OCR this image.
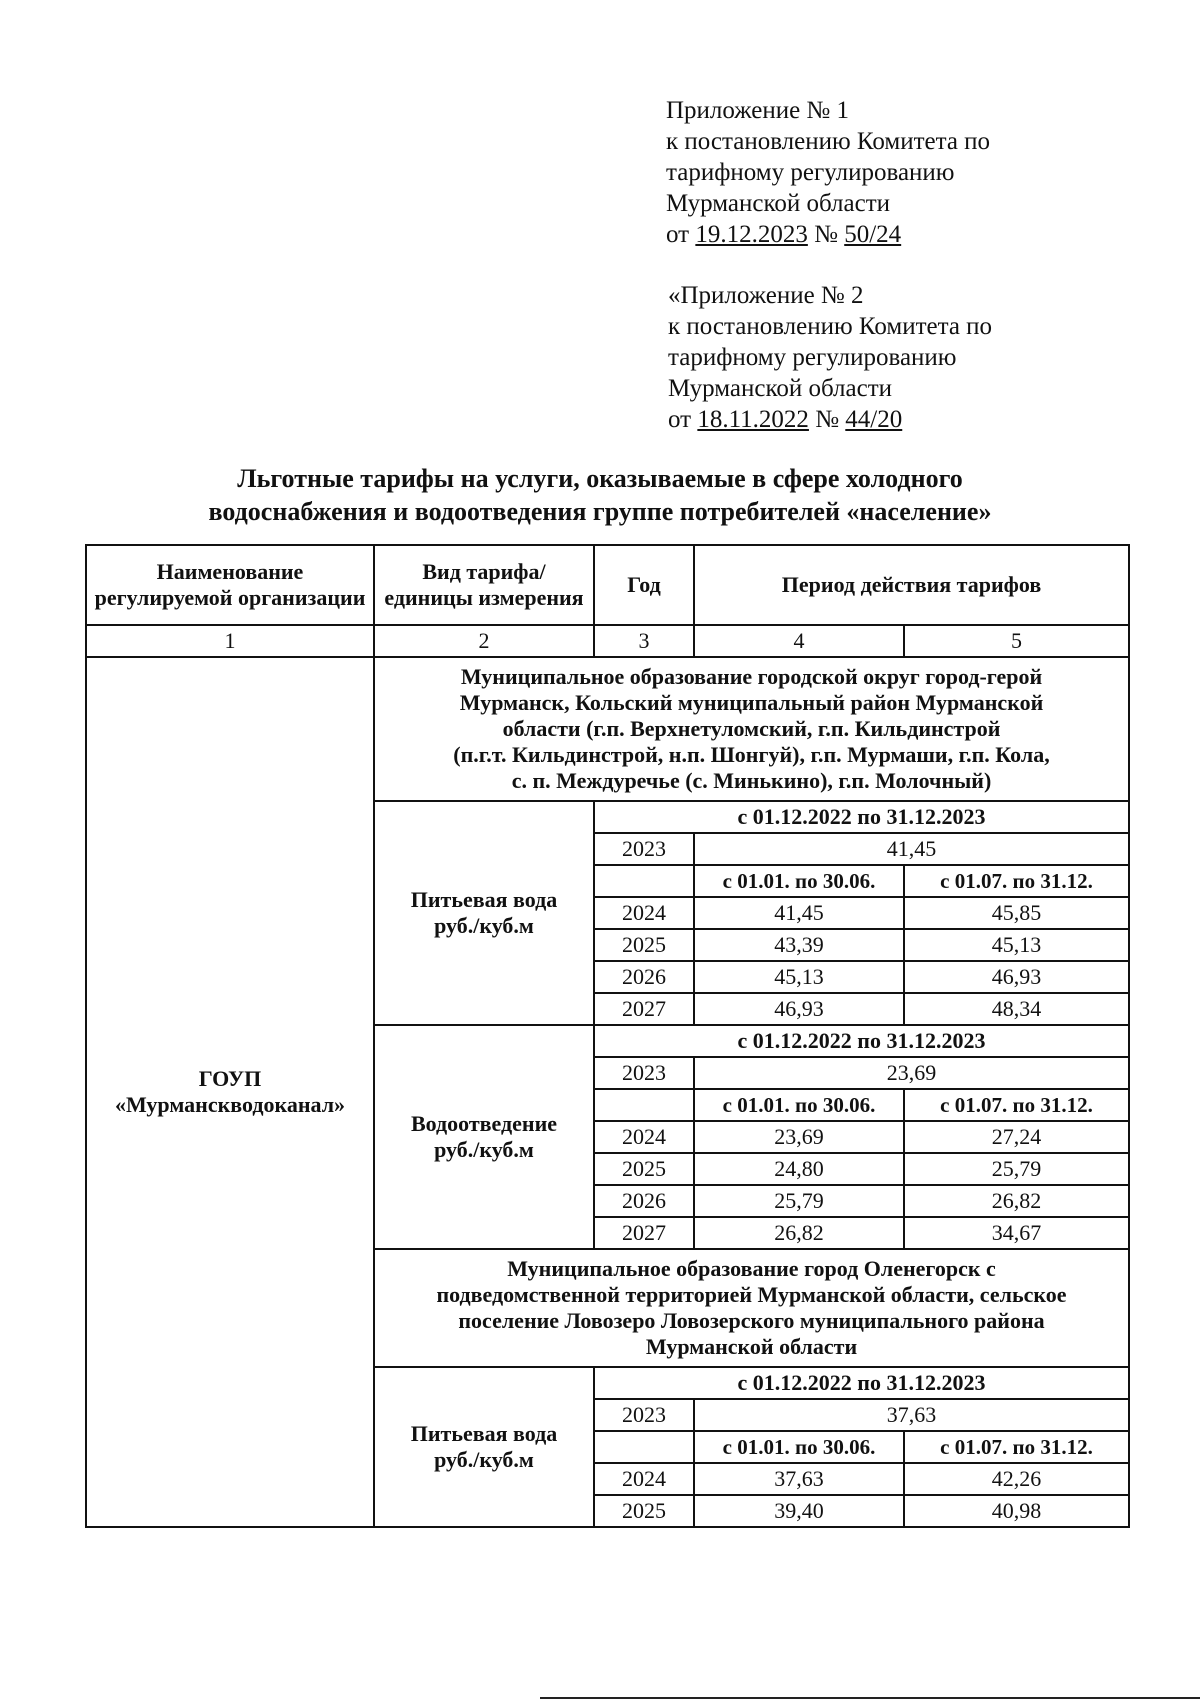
Приложение № 1
к постановлению Комитета по
тарифному регулированию
Мурманской области
от 19.12.2023 № 50/24
«Приложение № 2
к постановлению Комитета по
тарифному регулированию
Мурманской области
от 18.11.2022 № 44/20
Льготные тарифы на услуги, оказываемые в сфере холодного
водоснабжения и водоотведения группе потребителей «население»
Наименование регулируемой организации	Вид тарифа/единицы измерения	Год	Период действия тарифов	
1	2	3	4	5
ГОУП «Мурманскводоканал»	Муниципальное образование городской округ город-герой
Мурманск, Кольский муниципальный район Мурманской
области (г.п. Верхнетуломский, г.п. Кильдинстрой
(п.г.т. Кильдинстрой, н.п. Шонгуй), г.п. Мурмаши, г.п. Кола,
с. п. Междуречье (с. Минькино), г.п. Молочный)			

	Питьевая вода
руб./куб.м	с 01.12.2022 по 31.12.2023		
		2023	41,45	
			с 01.01. по 30.06.	с 01.07. по 31.12.
		2024	41,45	45,85
		2025	43,39	45,13
		2026	45,13	46,93
		2027	46,93	48,34

	Водоотведение
руб./куб.м	с 01.12.2022 по 31.12.2023		
		2023	23,69	
			с 01.01. по 30.06.	с 01.07. по 31.12.
		2024	23,69	27,24
		2025	24,80	25,79
		2026	25,79	26,82
		2027	26,82	34,67

	Муниципальное образование город Оленегорск с
подведомственной территорией Мурманской области, сельское
поселение Ловозеро Ловозерского муниципального района
Мурманской области			

	Питьевая вода
руб./куб.м	с 01.12.2022 по 31.12.2023		
		2023	37,63	
			с 01.01. по 30.06.	с 01.07. по 31.12.
		2024	37,63	42,26
		2025	39,40	40,98
